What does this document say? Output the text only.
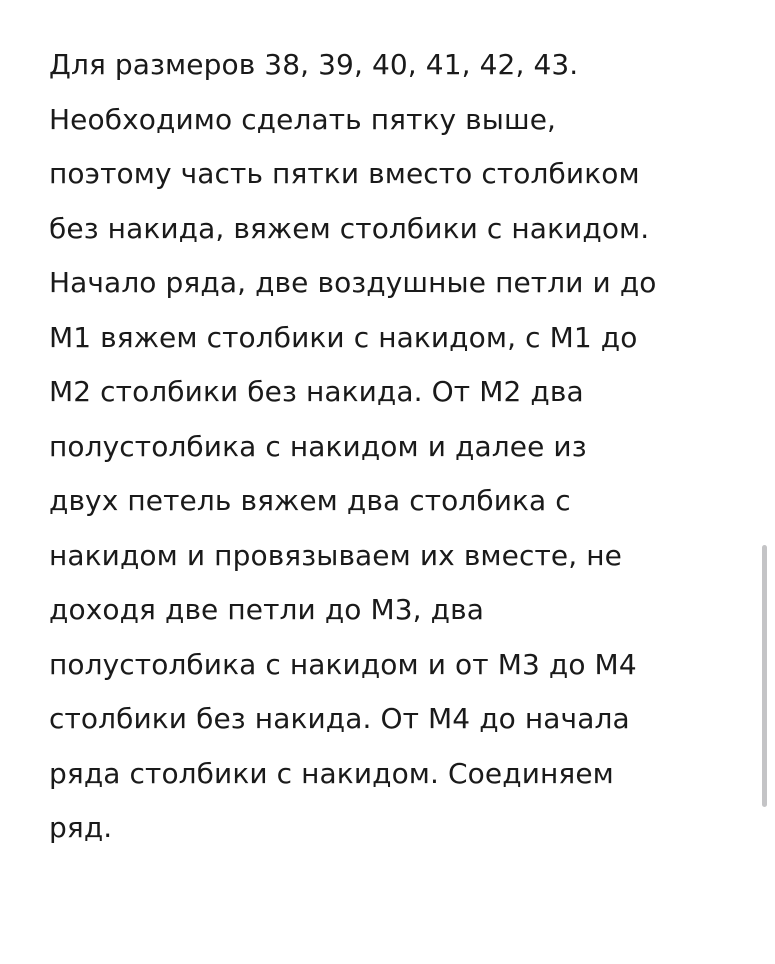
Для размеров 38, 39, 40, 41, 42, 43.
Необходимо сделать пятку выше,
поэтому часть пятки вместо столбиком
без накида, вяжем столбики с накидом.
Начало ряда, две воздушные петли и до
М1 вяжем столбики с накидом, с М1 до
М2 столбики без накида. От М2 два
полустолбика с накидом и далее из
двух петель вяжем два столбика с
накидом и провязываем их вместе, не
доходя две петли до М3, два
полустолбика с накидом и от М3 до М4
столбики без накида. От М4 до начала
ряда столбики с накидом. Соединяем
ряд.
